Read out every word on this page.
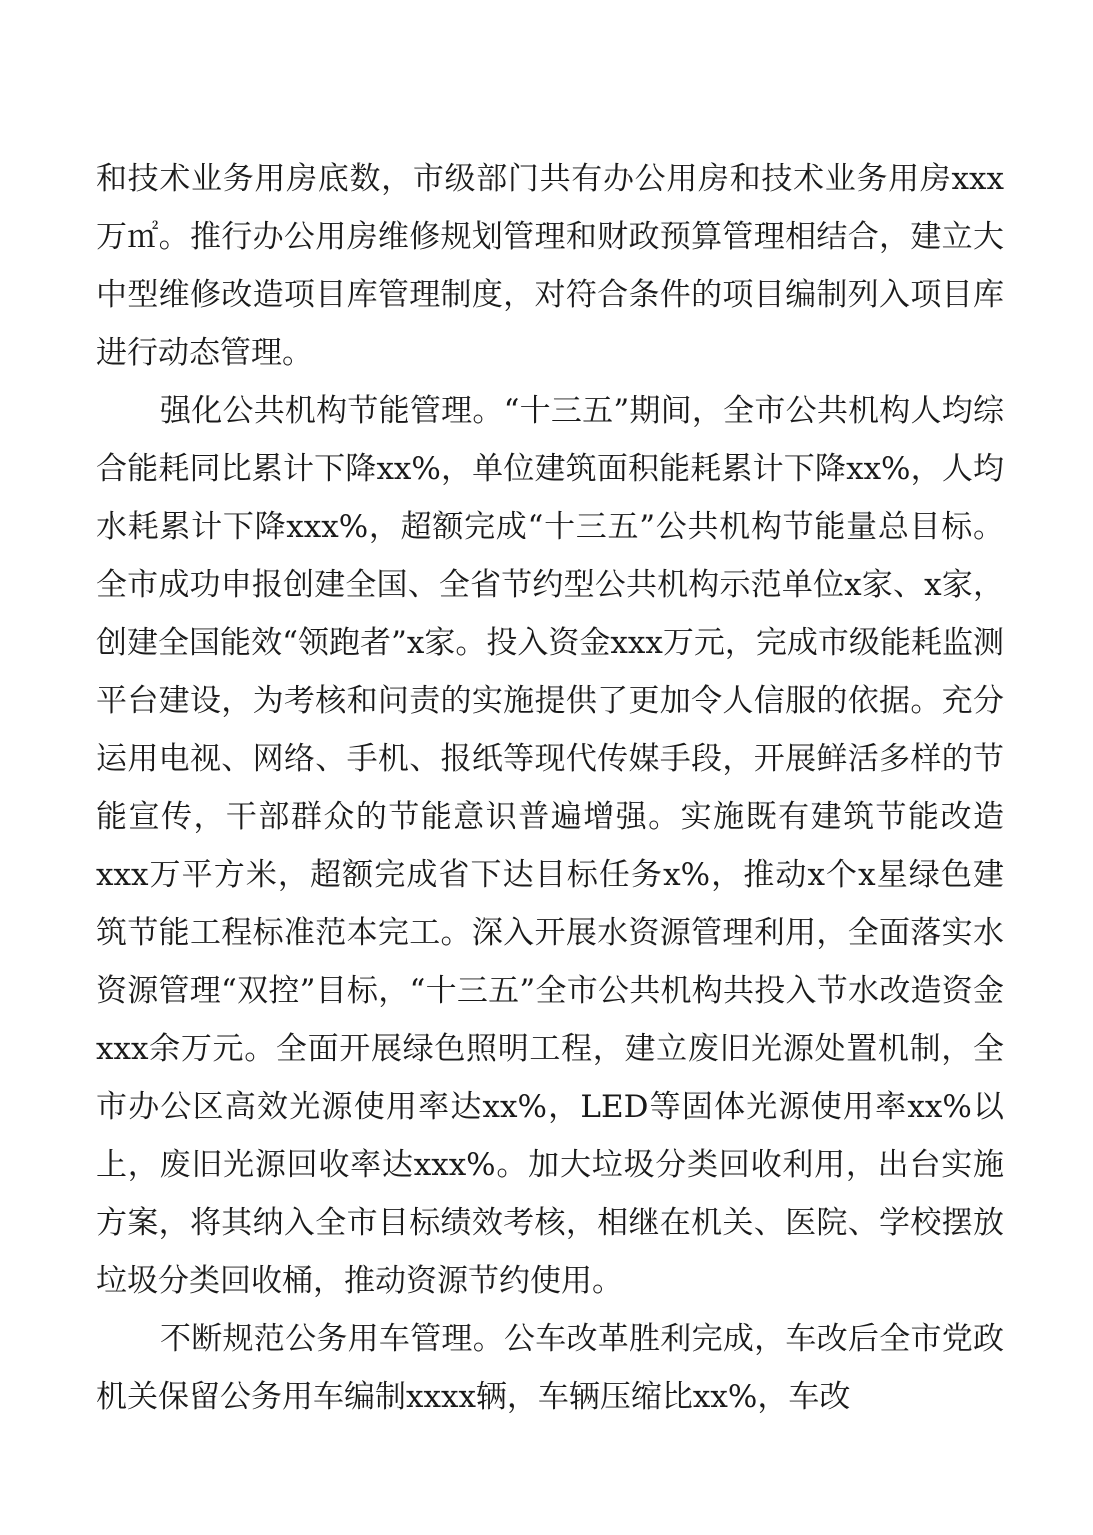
和技术业务用房底数，市级部门共有办公用房和技术业务用房xxx万㎡。推行办公用房维修规划管理和财政预算管理相结合，建立大中型维修改造项目库管理制度，对符合条件的项目编制列入项目库进行动态管理。

强化公共机构节能管理。“十三五”期间，全市公共机构人均综合能耗同比累计下降xx%，单位建筑面积能耗累计下降xx%，人均水耗累计下降xxx%，超额完成“十三五”公共机构节能量总目标。全市成功申报创建全国、全省节约型公共机构示范单位x家、x家，创建全国能效“领跑者”x家。投入资金xxx万元，完成市级能耗监测平台建设，为考核和问责的实施提供了更加令人信服的依据。充分运用电视、网络、手机、报纸等现代传媒手段，开展鲜活多样的节能宣传，干部群众的节能意识普遍增强。实施既有建筑节能改造xxx万平方米，超额完成省下达目标任务x%，推动x个x星绿色建筑节能工程标准范本完工。深入开展水资源管理利用，全面落实水资源管理“双控”目标，“十三五”全市公共机构共投入节水改造资金xxx余万元。全面开展绿色照明工程，建立废旧光源处置机制，全市办公区高效光源使用率达xx%，LED等固体光源使用率xx%以上，废旧光源回收率达xxx%。加大垃圾分类回收利用，出台实施方案，将其纳入全市目标绩效考核，相继在机关、医院、学校摆放垃圾分类回收桶，推动资源节约使用。

不断规范公务用车管理。公车改革胜利完成，车改后全市党政机关保留公务用车编制xxxx辆，车辆压缩比xx%，车改
